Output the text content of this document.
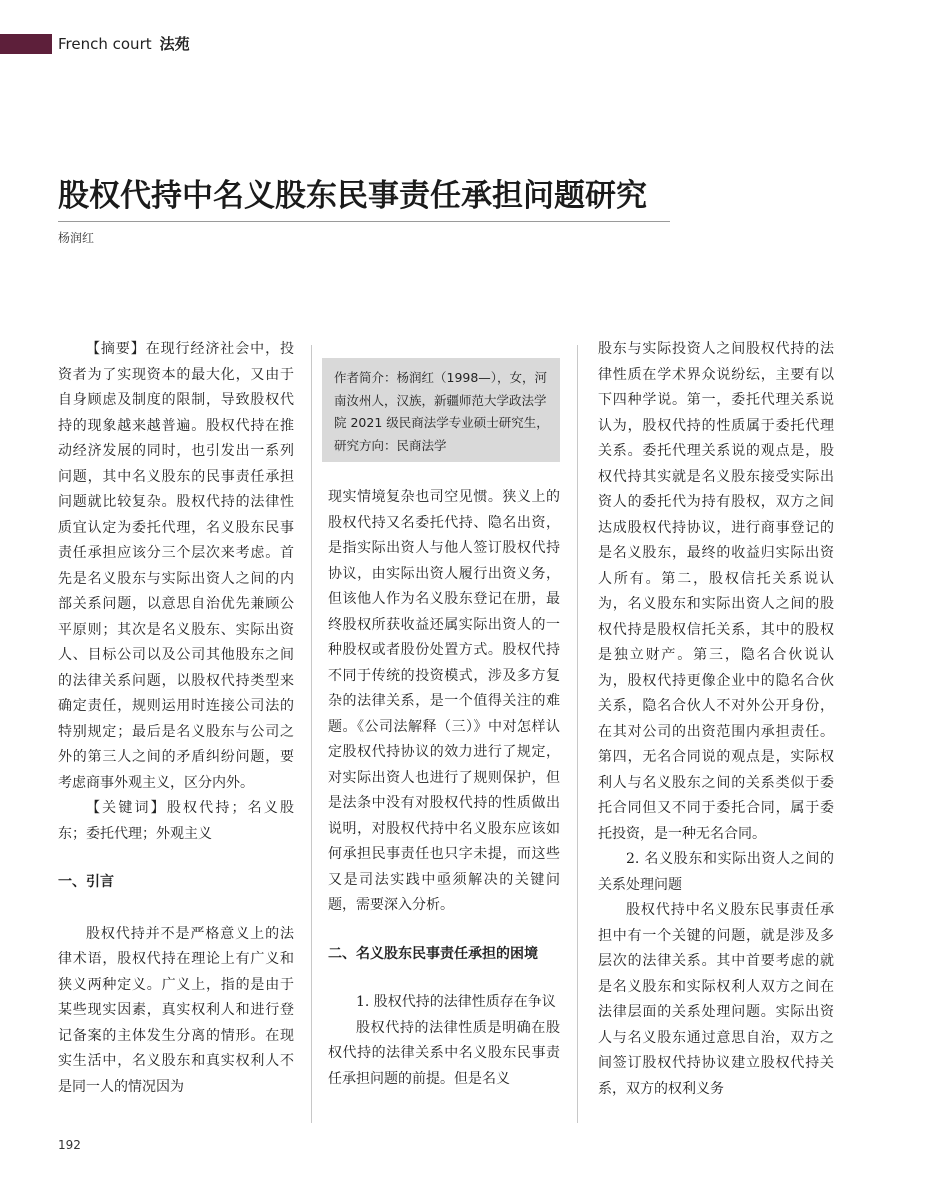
French court 法苑
股权代持中名义股东民事责任承担问题研究
杨润红

【摘要】在现行经济社会中，投资者为了实现资本的最大化，又由于自身顾虑及制度的限制，导致股权代持的现象越来越普遍。股权代持在推动经济发展的同时，也引发出一系列问题，其中名义股东的民事责任承担问题就比较复杂。股权代持的法律性质宜认定为委托代理，名义股东民事责任承担应该分三个层次来考虑。首先是名义股东与实际出资人之间的内部关系问题，以意思自治优先兼顾公平原则；其次是名义股东、实际出资人、目标公司以及公司其他股东之间的法律关系问题，以股权代持类型来确定责任，规则运用时连接公司法的特别规定；最后是名义股东与公司之外的第三人之间的矛盾纠纷问题，要考虑商事外观主义，区分内外。

【关键词】股权代持；名义股东；委托代理；外观主义

一、引言

股权代持并不是严格意义上的法律术语，股权代持在理论上有广义和狭义两种定义。广义上，指的是由于某些现实因素，真实权利人和进行登记备案的主体发生分离的情形。在现实生活中，名义股东和真实权利人不是同一人的情况因为

作者简介：杨润红（1998—），女，河南汝州人，汉族，新疆师范大学政法学院 2021 级民商法学专业硕士研究生，研究方向：民商法学

现实情境复杂也司空见惯。狭义上的股权代持又名委托代持、隐名出资，是指实际出资人与他人签订股权代持协议，由实际出资人履行出资义务，但该他人作为名义股东登记在册，最终股权所获收益还属实际出资人的一种股权或者股份处置方式。股权代持不同于传统的投资模式，涉及多方复杂的法律关系，是一个值得关注的难题。《公司法解释（三）》中对怎样认定股权代持协议的效力进行了规定，对实际出资人也进行了规则保护，但是法条中没有对股权代持的性质做出说明，对股权代持中名义股东应该如何承担民事责任也只字未提，而这些又是司法实践中亟须解决的关键问题，需要深入分析。

二、名义股东民事责任承担的困境

1. 股权代持的法律性质存在争议

股权代持的法律性质是明确在股权代持的法律关系中名义股东民事责任承担问题的前提。但是名义

股东与实际投资人之间股权代持的法律性质在学术界众说纷纭，主要有以下四种学说。第一，委托代理关系说认为，股权代持的性质属于委托代理关系。委托代理关系说的观点是，股权代持其实就是名义股东接受实际出资人的委托代为持有股权，双方之间达成股权代持协议，进行商事登记的是名义股东，最终的收益归实际出资人所有。第二，股权信托关系说认为，名义股东和实际出资人之间的股权代持是股权信托关系，其中的股权是独立财产。第三，隐名合伙说认为，股权代持更像企业中的隐名合伙关系，隐名合伙人不对外公开身份，在其对公司的出资范围内承担责任。第四，无名合同说的观点是，实际权利人与名义股东之间的关系类似于委托合同但又不同于委托合同，属于委托投资，是一种无名合同。

2. 名义股东和实际出资人之间的关系处理问题

股权代持中名义股东民事责任承担中有一个关键的问题，就是涉及多层次的法律关系。其中首要考虑的就是名义股东和实际权利人双方之间在法律层面的关系处理问题。实际出资人与名义股东通过意思自治，双方之间签订股权代持协议建立股权代持关系，双方的权利义务

192
